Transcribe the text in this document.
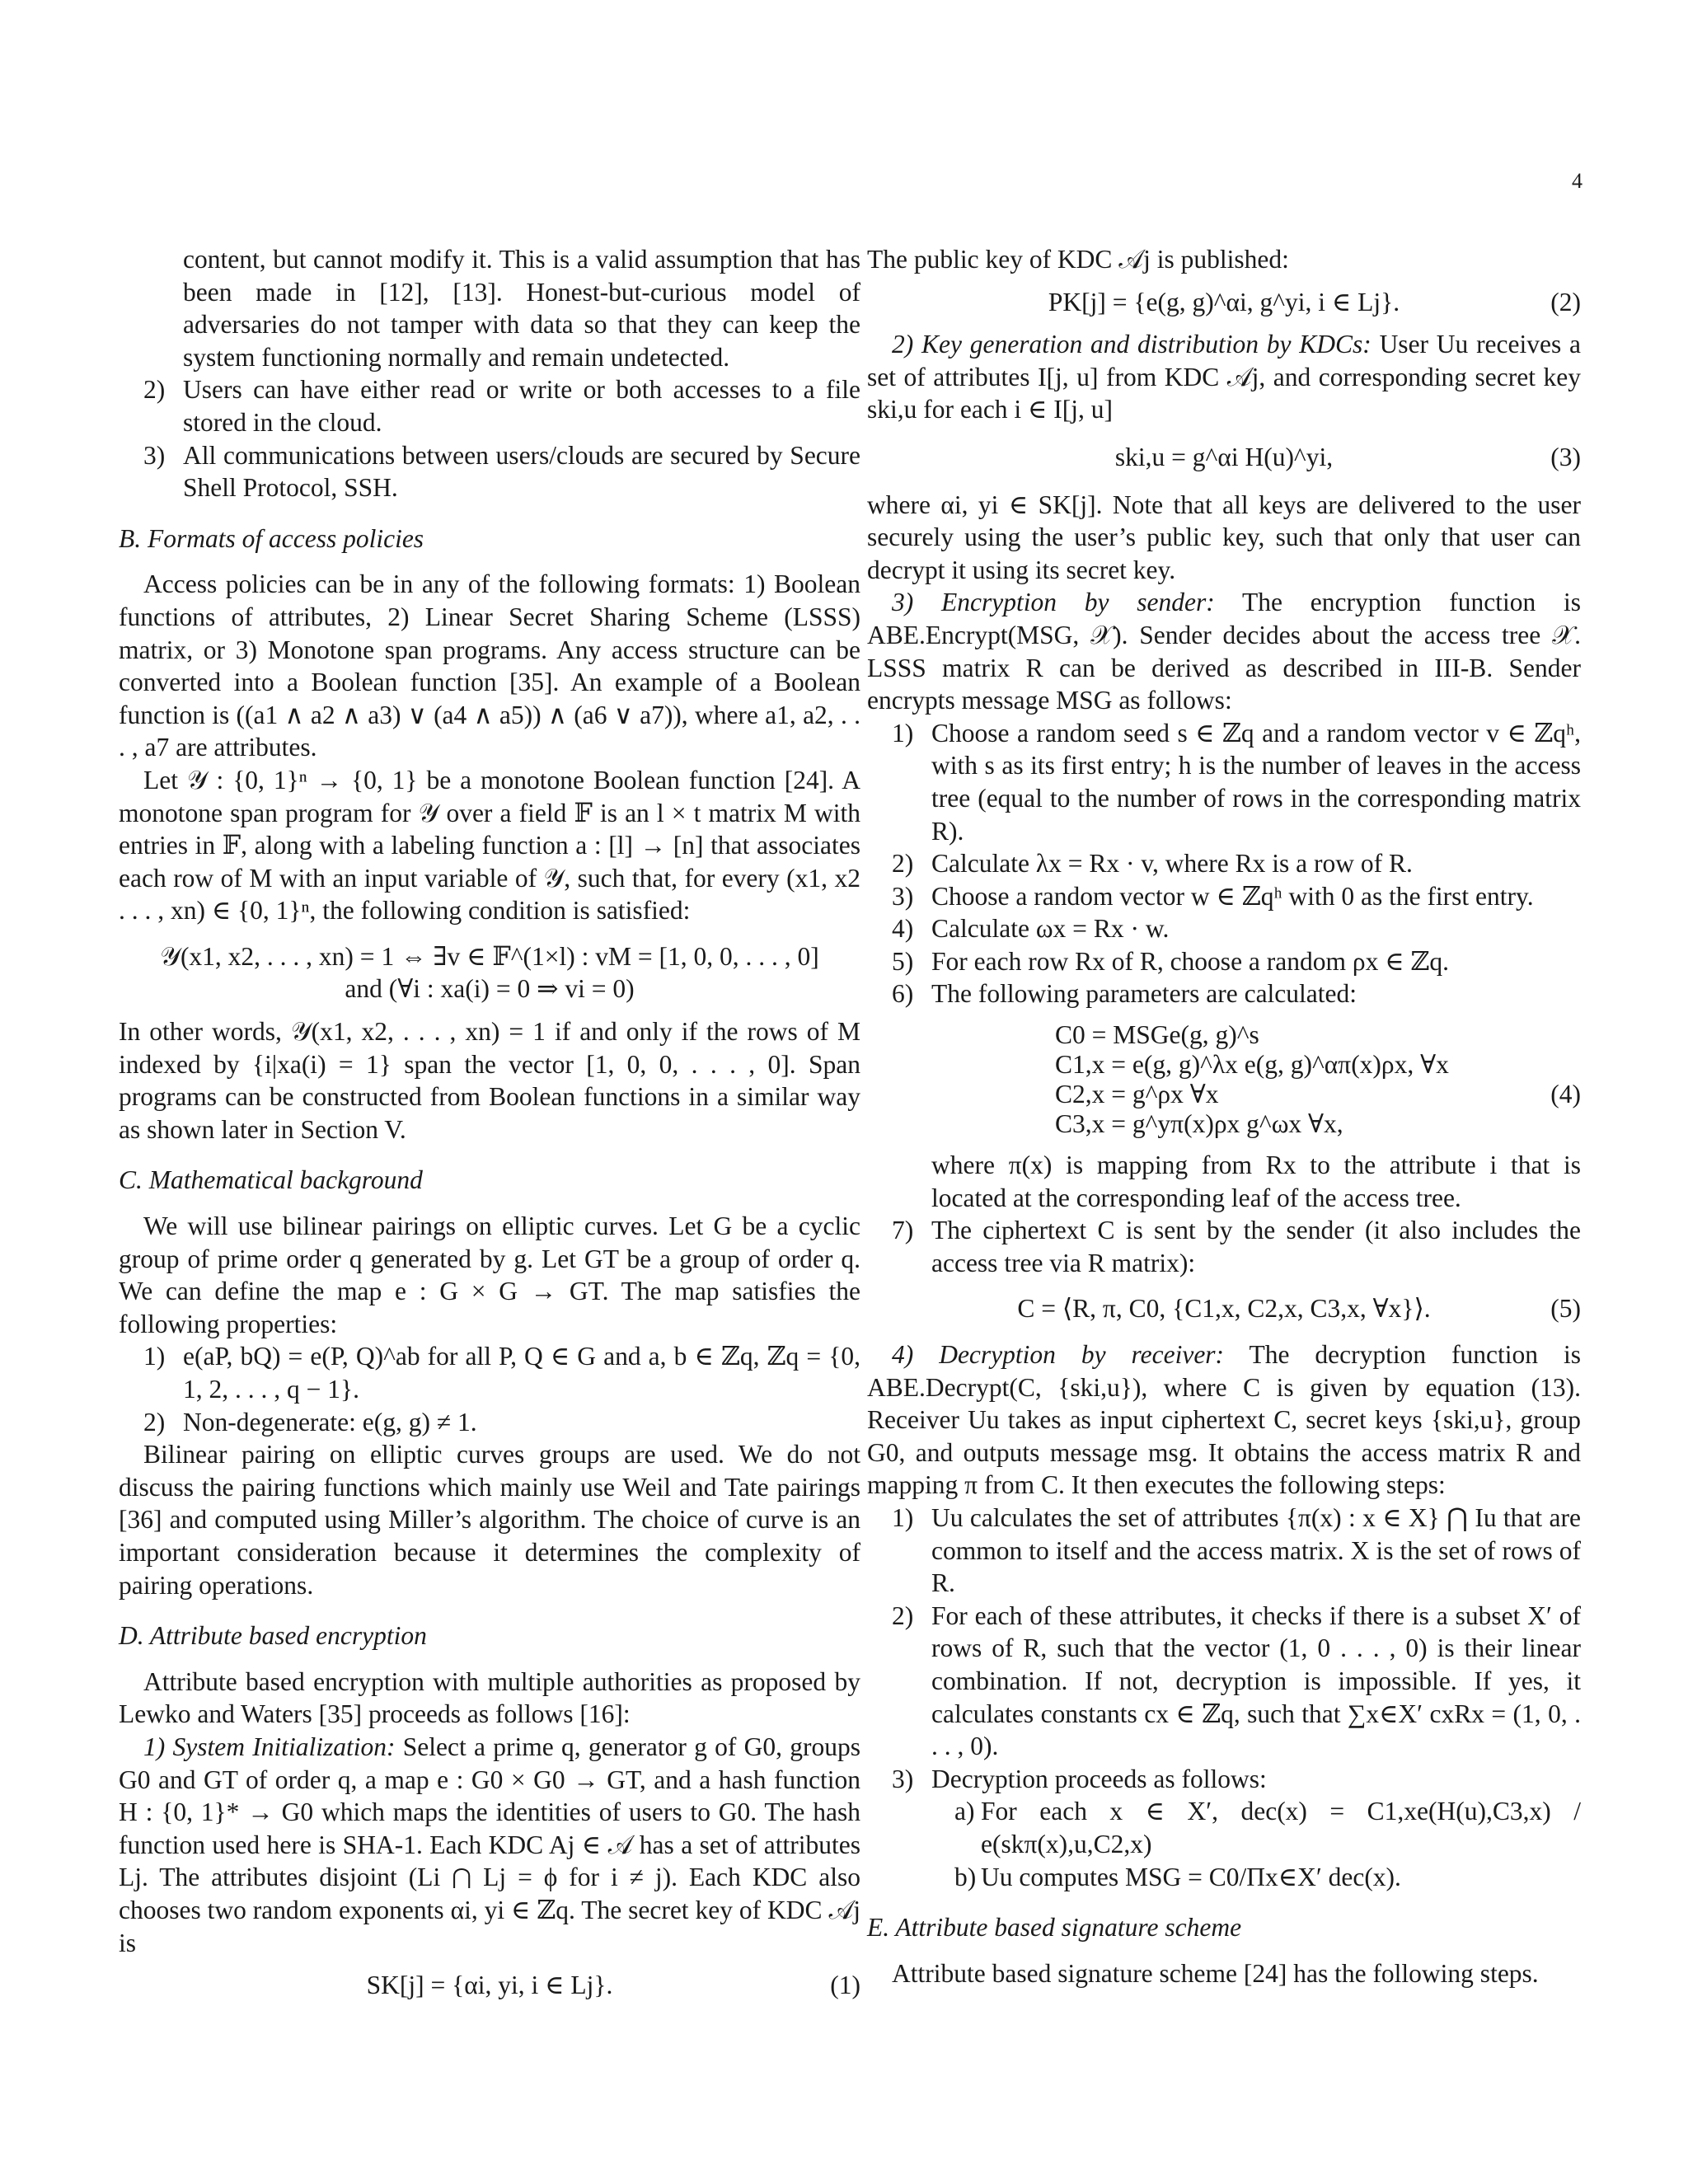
4
content, but cannot modify it. This is a valid assumption that has been made in [12], [13]. Honest-but-curious model of adversaries do not tamper with data so that they can keep the system functioning normally and remain undetected.
2) Users can have either read or write or both accesses to a file stored in the cloud.
3) All communications between users/clouds are secured by Secure Shell Protocol, SSH.
B. Formats of access policies

Access policies can be in any of the following formats: 1) Boolean functions of attributes, 2) Linear Secret Sharing Scheme (LSSS) matrix, or 3) Monotone span programs. Any access structure can be converted into a Boolean function [35]. An example of a Boolean function is ((a1 ∧ a2 ∧ a3) ∨ (a4 ∧ a5)) ∧ (a6 ∨ a7)), where a1, a2, . . . , a7 are attributes.

Let 𝒴 : {0, 1}ⁿ → {0, 1} be a monotone Boolean function [24]. A monotone span program for 𝒴 over a field 𝔽 is an l × t matrix M with entries in 𝔽, along with a labeling function a : [l] → [n] that associates each row of M with an input variable of 𝒴, such that, for every (x1, x2 . . . , xn) ∈ {0, 1}ⁿ, the following condition is satisfied:

𝒴(x1, x2, . . . , xn) = 1 ⇔ ∃v ∈ 𝔽^(1×l) : vM = [1, 0, 0, . . . , 0]
and (∀i : xa(i) = 0 ⇒ vi = 0)

In other words, 𝒴(x1, x2, . . . , xn) = 1 if and only if the rows of M indexed by {i|xa(i) = 1} span the vector [1, 0, 0, . . . , 0]. Span programs can be constructed from Boolean functions in a similar way as shown later in Section V.

C. Mathematical background

We will use bilinear pairings on elliptic curves. Let G be a cyclic group of prime order q generated by g. Let GT be a group of order q. We can define the map e : G × G → GT. The map satisfies the following properties:

1) e(aP, bQ) = e(P, Q)^ab for all P, Q ∈ G and a, b ∈ ℤq, ℤq = {0, 1, 2, . . . , q − 1}.
2) Non-degenerate: e(g, g) ≠ 1.

Bilinear pairing on elliptic curves groups are used. We do not discuss the pairing functions which mainly use Weil and Tate pairings [36] and computed using Miller’s algorithm. The choice of curve is an important consideration because it determines the complexity of pairing operations.

D. Attribute based encryption

Attribute based encryption with multiple authorities as proposed by Lewko and Waters [35] proceeds as follows [16]:

1) System Initialization: Select a prime q, generator g of G0, groups G0 and GT of order q, a map e : G0 × G0 → GT, and a hash function H : {0, 1}* → G0 which maps the identities of users to G0. The hash function used here is SHA-1. Each KDC Aj ∈ 𝒜 has a set of attributes Lj. The attributes disjoint (Li ⋂ Lj = ϕ for i ≠ j). Each KDC also chooses two random exponents αi, yi ∈ ℤq. The secret key of KDC 𝒜j is

SK[j] = {αi, yi, i ∈ Lj}.	(1)

The public key of KDC 𝒜j is published:

PK[j] = {e(g, g)^αi, g^yi, i ∈ Lj}.	(2)

2) Key generation and distribution by KDCs: User Uu receives a set of attributes I[j, u] from KDC 𝒜j, and corresponding secret key ski,u for each i ∈ I[j, u]

ski,u = g^αi H(u)^yi,	(3)

where αi, yi ∈ SK[j]. Note that all keys are delivered to the user securely using the user’s public key, such that only that user can decrypt it using its secret key.

3) Encryption by sender: The encryption function is ABE.Encrypt(MSG, 𝒳). Sender decides about the access tree 𝒳. LSSS matrix R can be derived as described in III-B. Sender encrypts message MSG as follows:

1) Choose a random seed s ∈ ℤq and a random vector v ∈ ℤqʰ, with s as its first entry; h is the number of leaves in the access tree (equal to the number of rows in the corresponding matrix R).
2) Calculate λx = Rx · v, where Rx is a row of R.
3) Choose a random vector w ∈ ℤqʰ with 0 as the first entry.
4) Calculate ωx = Rx · w.
5) For each row Rx of R, choose a random ρx ∈ ℤq.
6) The following parameters are calculated:
C0 = MSGe(g, g)^s
C1,x = e(g, g)^λx e(g, g)^απ(x)ρx, ∀x
C2,x = g^ρx ∀x
C3,x = g^yπ(x)ρx g^ωx ∀x,
(4)
where π(x) is mapping from Rx to the attribute i that is located at the corresponding leaf of the access tree.
7) The ciphertext C is sent by the sender (it also includes the access tree via R matrix):
C = ⟨R, π, C0, {C1,x, C2,x, C3,x, ∀x}⟩.	(5)

4) Decryption by receiver: The decryption function is ABE.Decrypt(C, {ski,u}), where C is given by equation (13). Receiver Uu takes as input ciphertext C, secret keys {ski,u}, group G0, and outputs message msg. It obtains the access matrix R and mapping π from C. It then executes the following steps:

1) Uu calculates the set of attributes {π(x) : x ∈ X} ⋂ Iu that are common to itself and the access matrix. X is the set of rows of R.
2) For each of these attributes, it checks if there is a subset X′ of rows of R, such that the vector (1, 0 . . . , 0) is their linear combination. If not, decryption is impossible. If yes, it calculates constants cx ∈ ℤq, such that ∑x∈X′ cxRx = (1, 0, . . . , 0).
3) Decryption proceeds as follows:
a) For each x ∈ X′, dec(x) = C1,xe(H(u),C3,x) / e(skπ(x),u,C2,x)
b) Uu computes MSG = C0/Πx∈X′ dec(x).
E. Attribute based signature scheme

Attribute based signature scheme [24] has the following steps.
